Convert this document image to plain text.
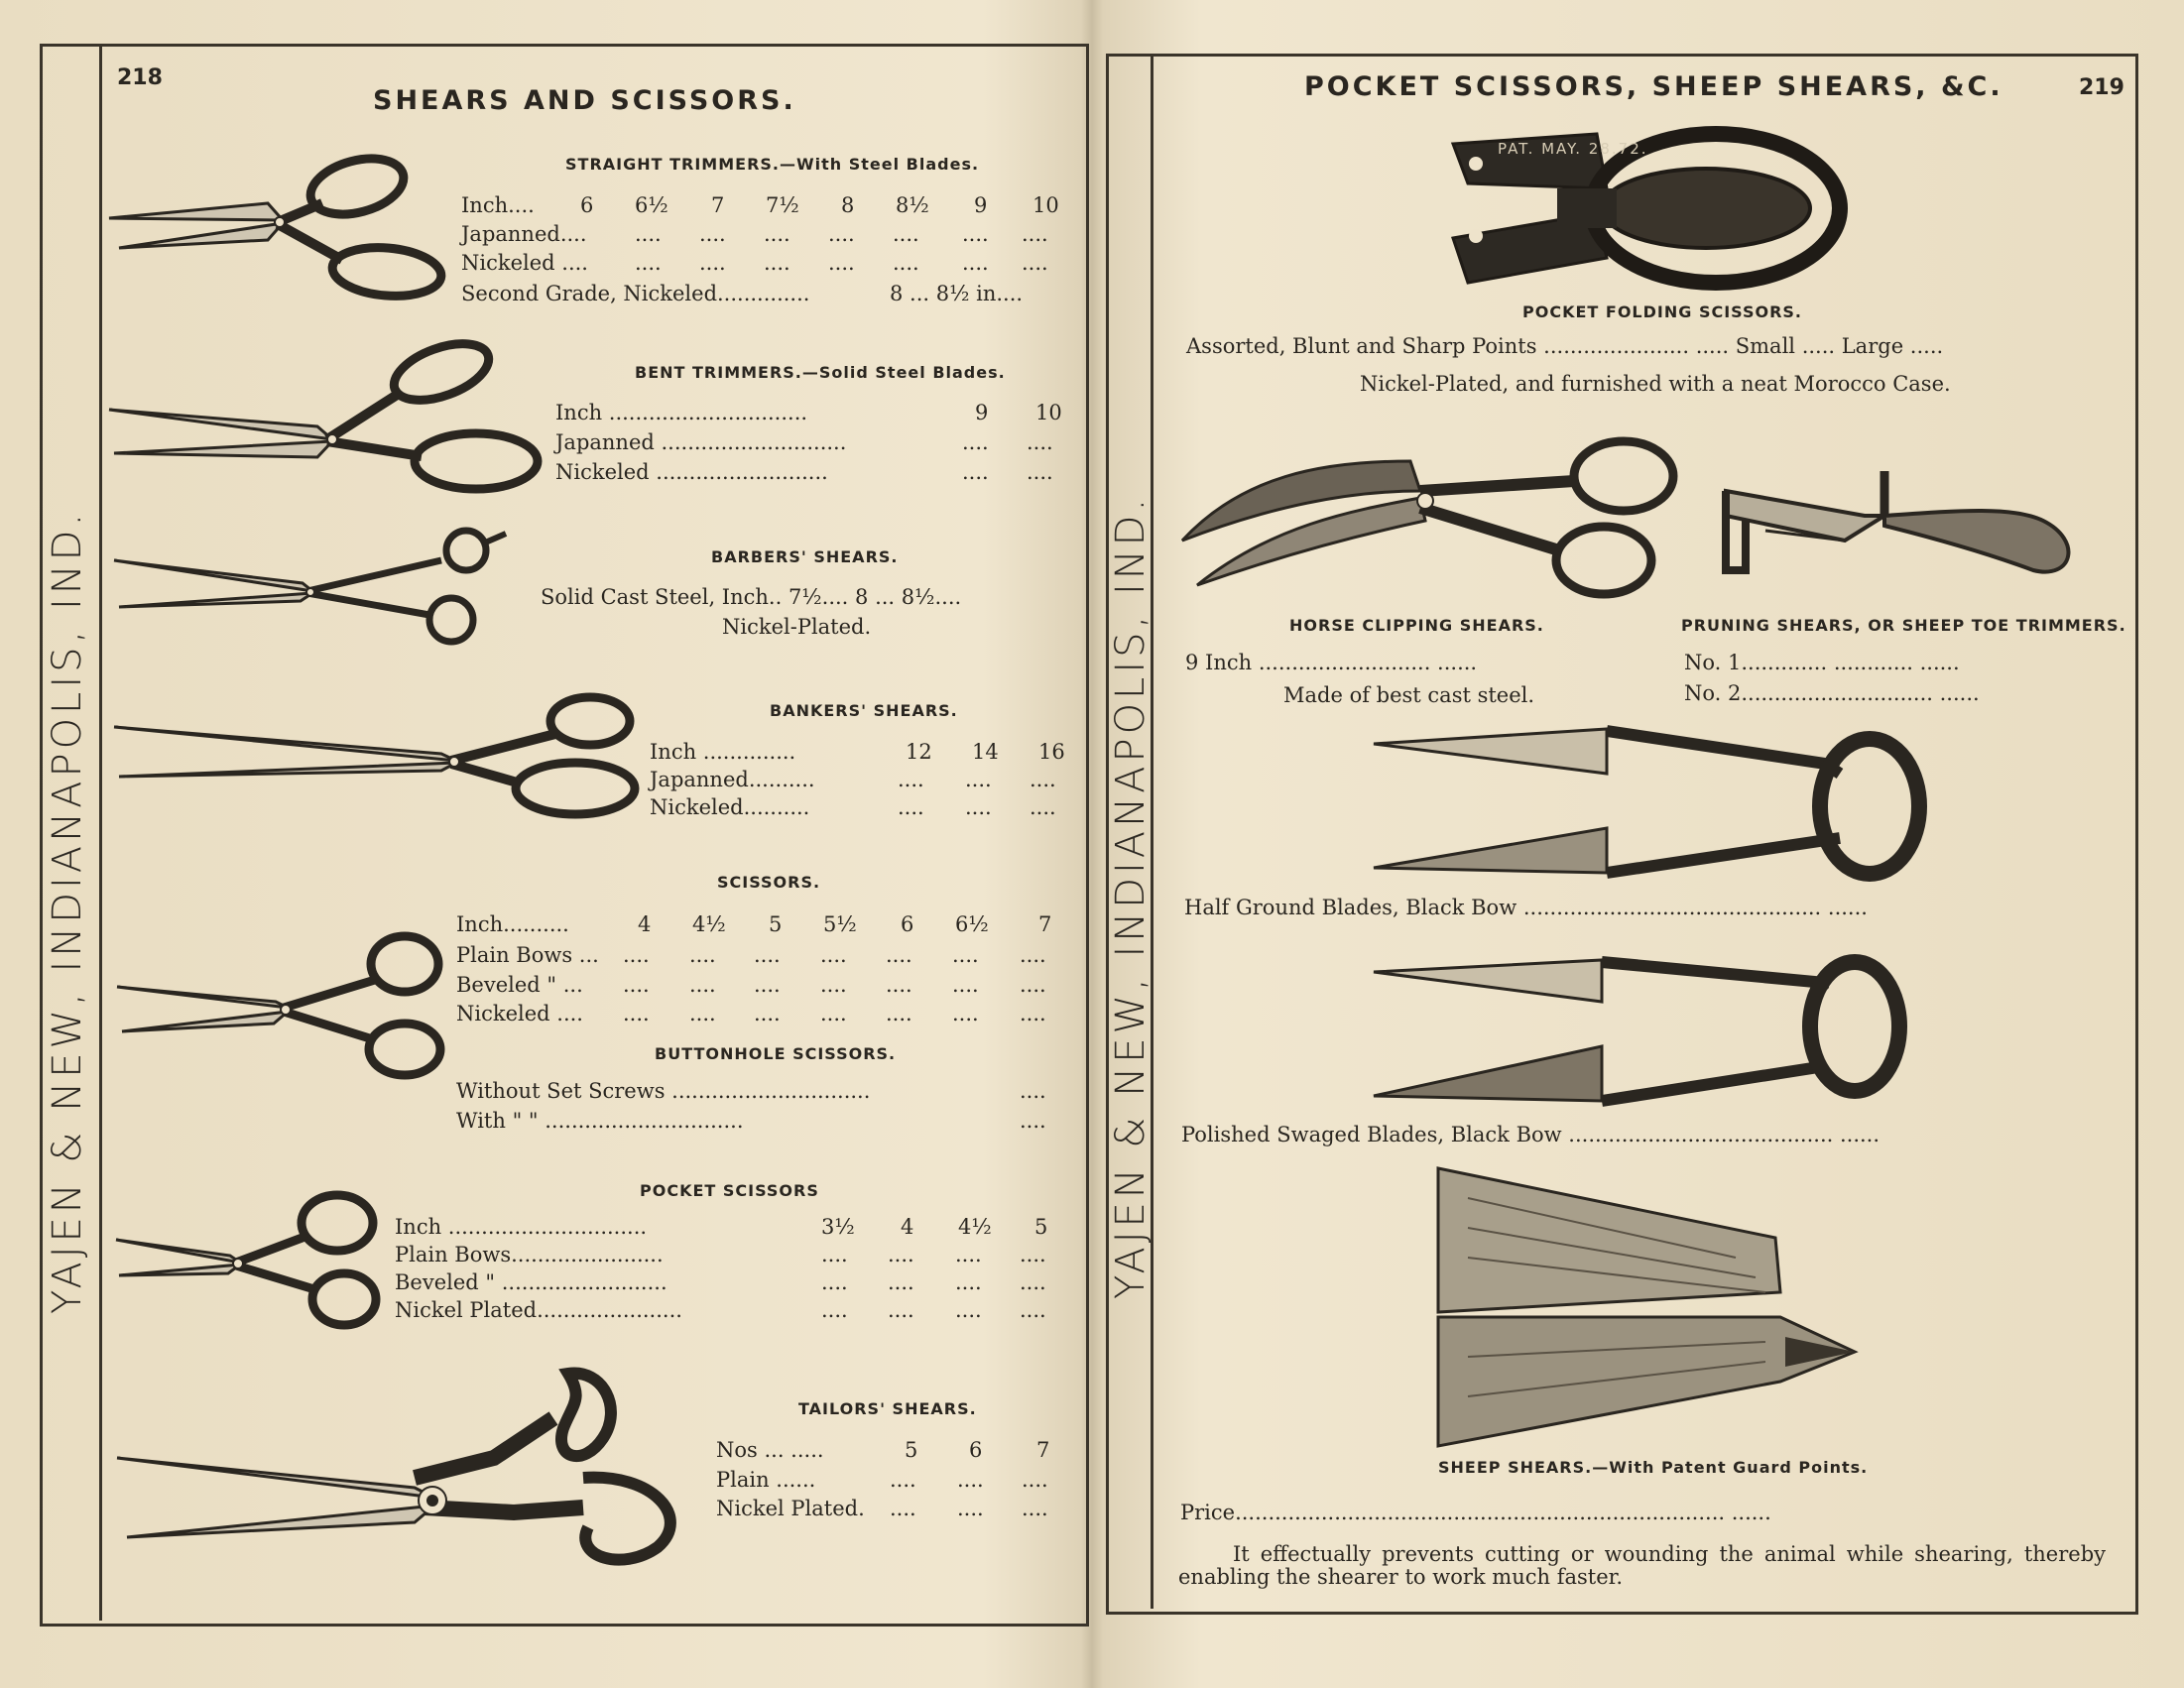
YAJEN & NEW, INDIANAPOLIS, IND.
218
SHEARS AND SCISSORS.
STRAIGHT TRIMMERS.—With Steel Blades.
Inch.... 6 6½ 7 7½ 8 8½ 9 10
Japanned.... .... .... .... .... .... .... ....
Nickeled .... .... .... .... .... .... .... ....
Second Grade, Nickeled..............	8 ... 8½ in....
BENT TRIMMERS.—Solid Steel Blades.
Inch ..............................	9 10
Japanned ............................	.... ....
Nickeled ..........................	.... ....
BARBERS' SHEARS.
Solid Cast Steel, Inch.. 7½.... 8 ... 8½....
Nickel-Plated.
BANKERS' SHEARS.
Inch ..............	12 14 16
Japanned..........	.... .... ....
Nickeled..........	.... .... ....
SCISSORS.
Inch..........	4 4½ 5 5½ 6 6½ 7
Plain Bows ... .... .... .... .... .... .... ....
Beveled " ... .... .... .... .... .... .... ....
Nickeled .... .... .... .... .... .... .... ....
BUTTONHOLE SCISSORS.
Without Set Screws ..............................	....
With " " ..............................	....
POCKET SCISSORS
Inch ..............................	3½ 4 4½ 5
Plain Bows.......................	.... .... .... ....
Beveled " .........................	.... .... .... ....
Nickel Plated......................	.... .... .... ....
TAILORS' SHEARS.
Nos ... .....	5 6	7
Plain ......	.... .... ....
Nickel Plated. .... .... ....
YAJEN & NEW, INDIANAPOLIS, IND.
POCKET SCISSORS, SHEEP SHEARS, &C.	219
PAT. MAY. 28.72.
POCKET FOLDING SCISSORS.
Assorted, Blunt and Sharp Points ...................... ..... Small ..... Large .....
Nickel-Plated, and furnished with a neat Morocco Case.
HORSE CLIPPING SHEARS.
9 Inch .......................... ......
Made of best cast steel.
PRUNING SHEARS, OR SHEEP TOE TRIMMERS.
No. 1............. ............ ......
No. 2............................. ......
Half Ground Blades, Black Bow ............................................. ......
Polished Swaged Blades, Black Bow ........................................ ......
SHEEP SHEARS.—With Patent Guard Points.
Price.......................................................................... ......
It effectually prevents cutting or wounding the animal while shearing, thereby enabling the shearer to work much faster.
